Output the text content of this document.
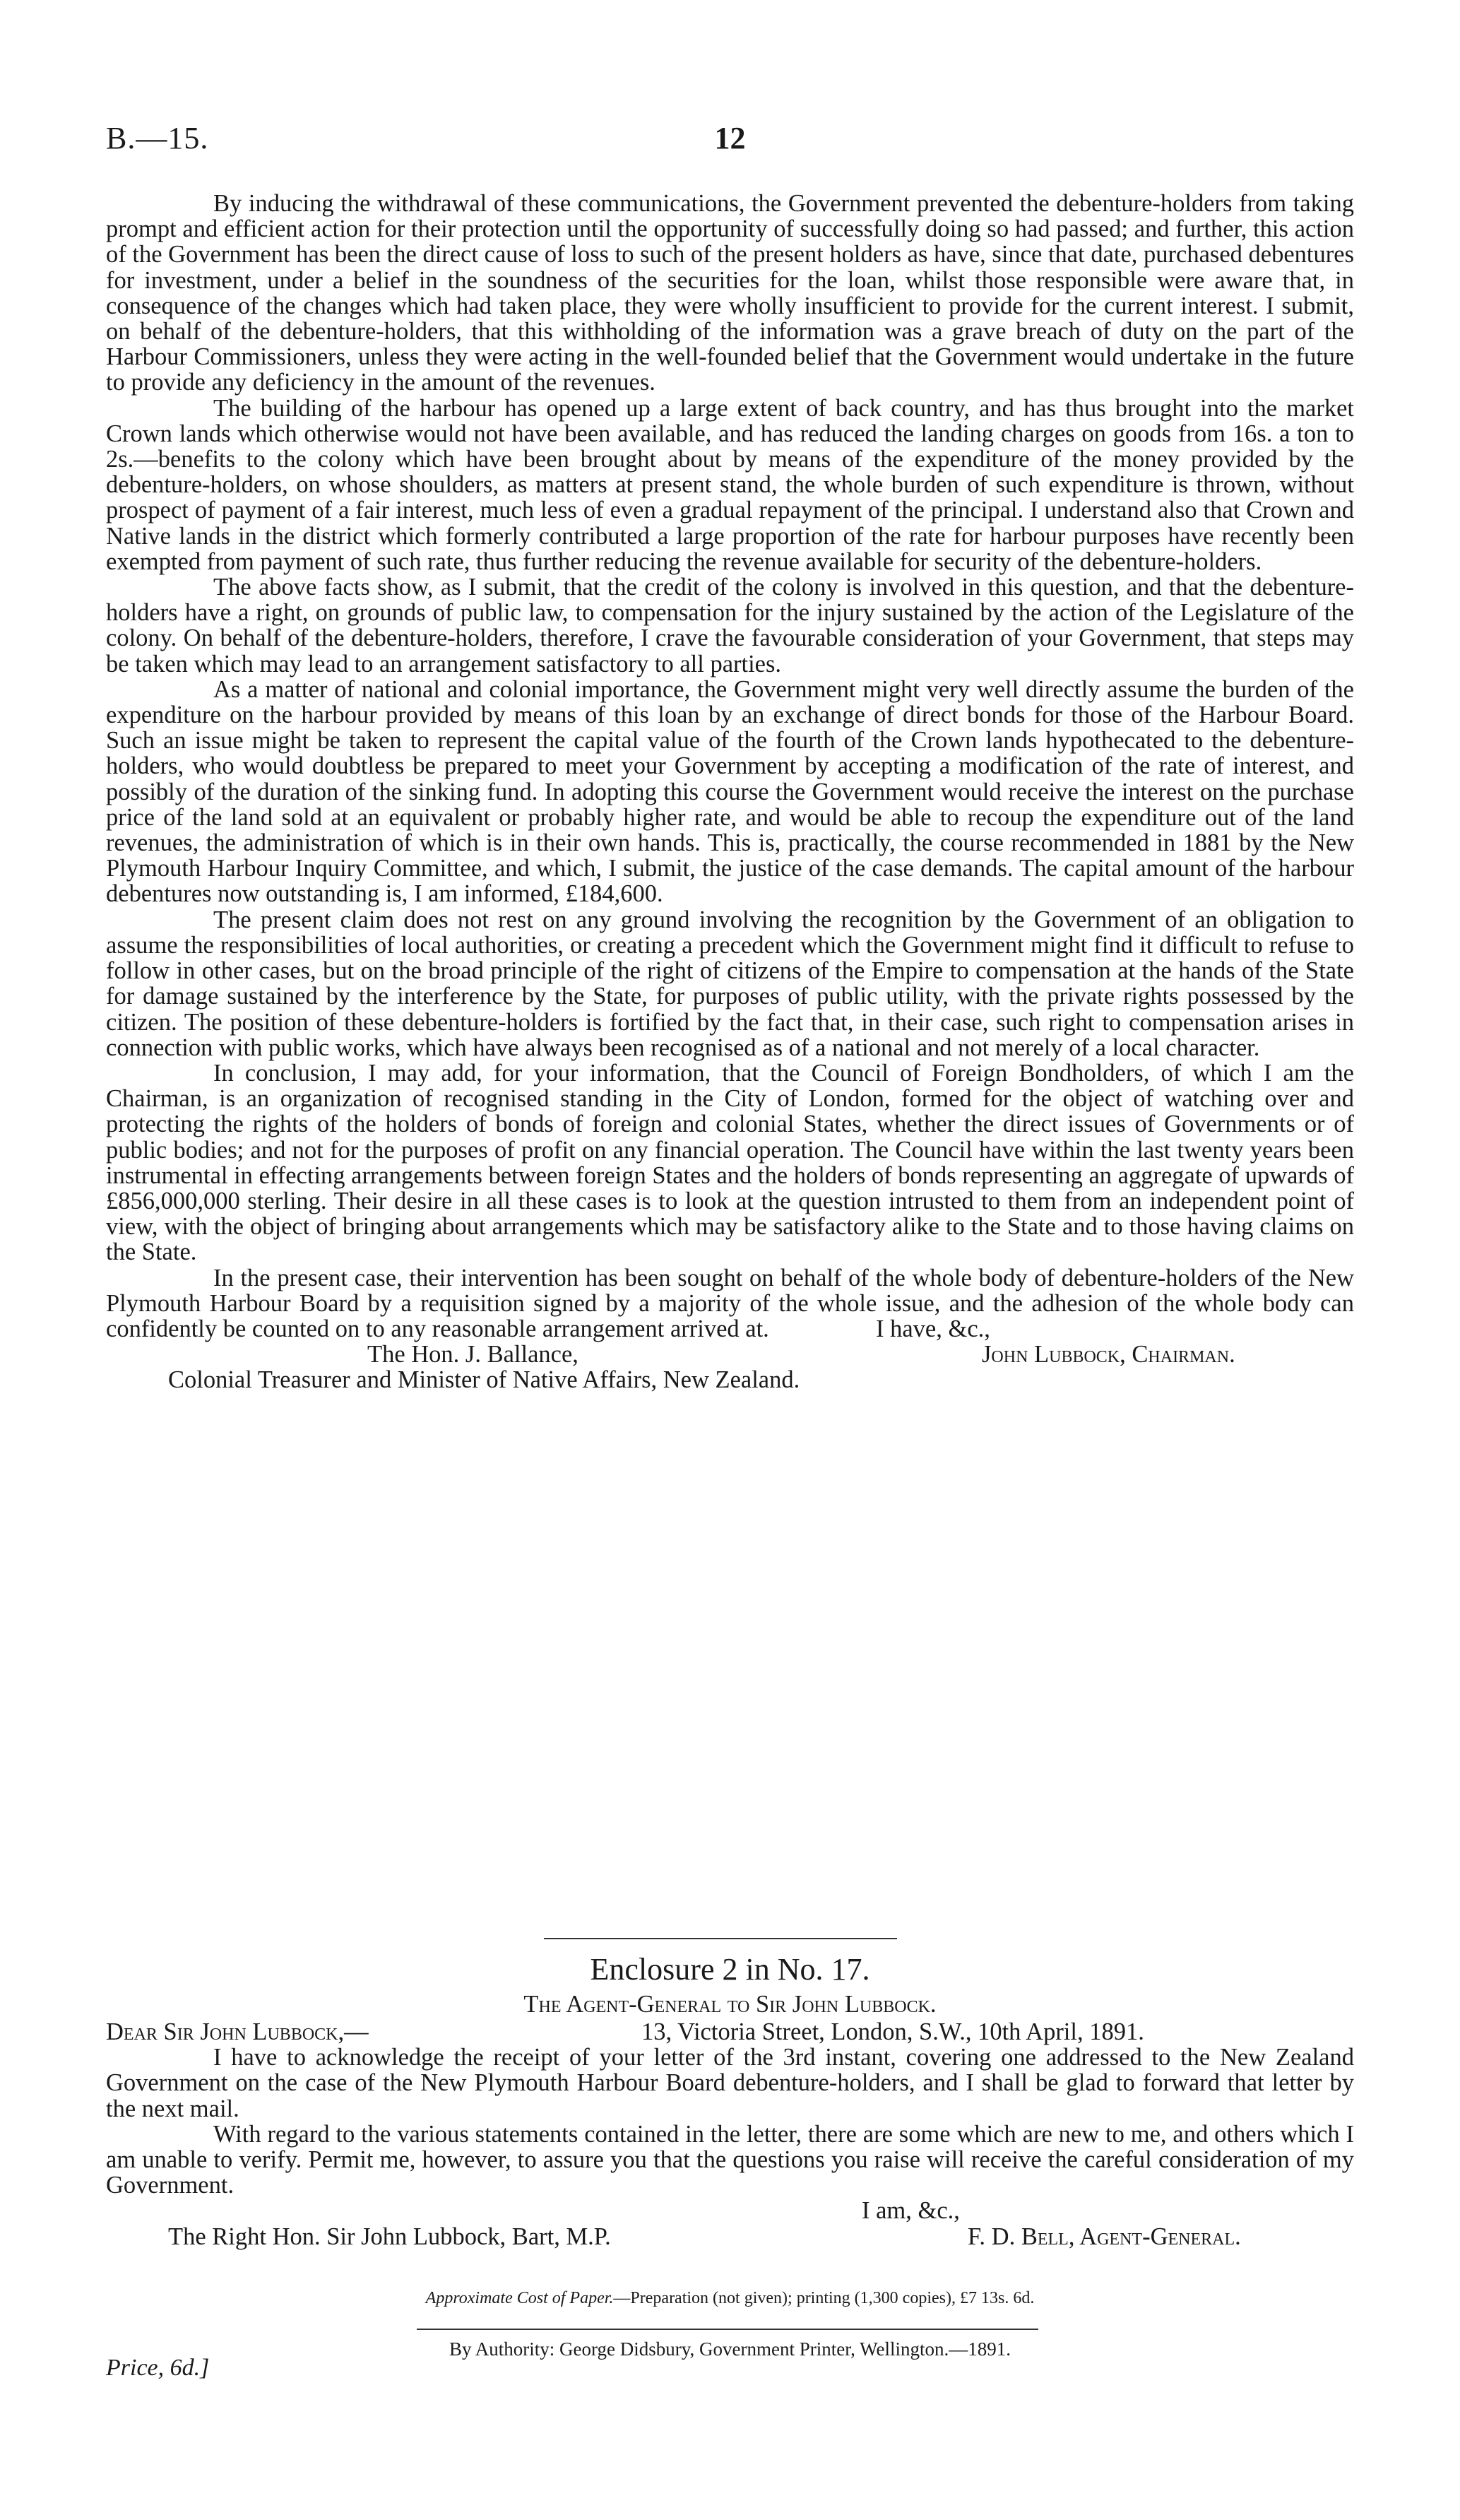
B.—15.	12

By inducing the withdrawal of these communications, the Government prevented the debenture-holders from taking prompt and efficient action for their protection until the opportunity of successfully doing so had passed; and further, this action of the Government has been the direct cause of loss to such of the present holders as have, since that date, purchased debentures for investment, under a belief in the soundness of the securities for the loan, whilst those responsible were aware that, in consequence of the changes which had taken place, they were wholly insufficient to provide for the current interest. I submit, on behalf of the debenture-holders, that this withholding of the information was a grave breach of duty on the part of the Harbour Commissioners, unless they were acting in the well-founded belief that the Government would undertake in the future to provide any deficiency in the amount of the revenues.

The building of the harbour has opened up a large extent of back country, and has thus brought into the market Crown lands which otherwise would not have been available, and has reduced the landing charges on goods from 16s. a ton to 2s.—benefits to the colony which have been brought about by means of the expenditure of the money provided by the debenture-holders, on whose shoulders, as matters at present stand, the whole burden of such expenditure is thrown, without prospect of payment of a fair interest, much less of even a gradual repayment of the principal. I understand also that Crown and Native lands in the district which formerly contributed a large proportion of the rate for harbour purposes have recently been exempted from payment of such rate, thus further reducing the revenue available for security of the debenture-holders.

The above facts show, as I submit, that the credit of the colony is involved in this question, and that the debenture-holders have a right, on grounds of public law, to compensation for the injury sustained by the action of the Legislature of the colony. On behalf of the debenture-holders, therefore, I crave the favourable consideration of your Government, that steps may be taken which may lead to an arrangement satisfactory to all parties.

As a matter of national and colonial importance, the Government might very well directly assume the burden of the expenditure on the harbour provided by means of this loan by an exchange of direct bonds for those of the Harbour Board. Such an issue might be taken to represent the capital value of the fourth of the Crown lands hypothecated to the debenture-holders, who would doubtless be prepared to meet your Government by accepting a modification of the rate of interest, and possibly of the duration of the sinking fund. In adopting this course the Government would receive the interest on the purchase price of the land sold at an equivalent or probably higher rate, and would be able to recoup the expenditure out of the land revenues, the administration of which is in their own hands. This is, practically, the course recommended in 1881 by the New Plymouth Harbour Inquiry Committee, and which, I submit, the justice of the case demands. The capital amount of the harbour debentures now outstanding is, I am informed, £184,600.

The present claim does not rest on any ground involving the recognition by the Government of an obligation to assume the responsibilities of local authorities, or creating a precedent which the Government might find it difficult to refuse to follow in other cases, but on the broad principle of the right of citizens of the Empire to compensation at the hands of the State for damage sustained by the interference by the State, for purposes of public utility, with the private rights possessed by the citizen. The position of these debenture-holders is fortified by the fact that, in their case, such right to compensation arises in connection with public works, which have always been recognised as of a national and not merely of a local character.

In conclusion, I may add, for your information, that the Council of Foreign Bondholders, of which I am the Chairman, is an organization of recognised standing in the City of London, formed for the object of watching over and protecting the rights of the holders of bonds of foreign and colonial States, whether the direct issues of Governments or of public bodies; and not for the purposes of profit on any financial operation. The Council have within the last twenty years been instrumental in effecting arrangements between foreign States and the holders of bonds representing an aggregate of upwards of £856,000,000 sterling. Their desire in all these cases is to look at the question intrusted to them from an independent point of view, with the object of bringing about arrangements which may be satisfactory alike to the State and to those having claims on the State.

In the present case, their intervention has been sought on behalf of the whole body of debenture-holders of the New Plymouth Harbour Board by a requisition signed by a majority of the whole issue, and the adhesion of the whole body can confidently be counted on to any reasonable arrangement arrived at.	I have, &c.,
The Hon. J. Ballance,	John Lubbock, Chairman.
Colonial Treasurer and Minister of Native Affairs, New Zealand.
Enclosure 2 in No. 17.
The Agent-General to Sir John Lubbock.
Dear Sir John Lubbock,—	13, Victoria Street, London, S.W., 10th April, 1891.

I have to acknowledge the receipt of your letter of the 3rd instant, covering one addressed to the New Zealand Government on the case of the New Plymouth Harbour Board debenture-holders, and I shall be glad to forward that letter by the next mail.

With regard to the various statements contained in the letter, there are some which are new to me, and others which I am unable to verify. Permit me, however, to assure you that the questions you raise will receive the careful consideration of my Government.

I am, &c.,
The Right Hon. Sir John Lubbock, Bart, M.P.	F. D. Bell, Agent-General.
Approximate Cost of Paper.—Preparation (not given); printing (1,300 copies), £7 13s. 6d.
Price, 6d.]
By Authority: George Didsbury, Government Printer, Wellington.—1891.
